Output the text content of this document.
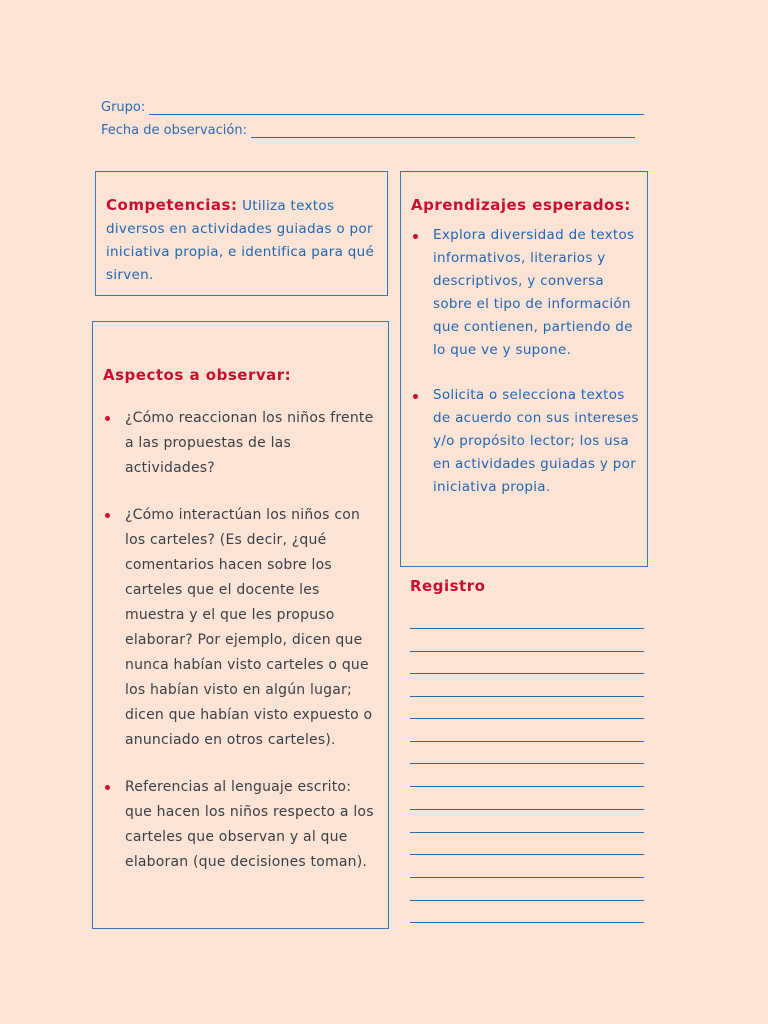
Grupo:
Fecha de observación:
Competencias: Utiliza textos diversos en actividades guiadas o por iniciativa propia, e identifica para qué sirven.
Aprendizajes esperados:
Explora diversidad de textos informativos, literarios y descriptivos, y conversa sobre el tipo de información que contienen, partiendo de lo que ve y supone.
Solicita o selecciona textos de acuerdo con sus intereses y/o propósito lector; los usa en actividades guiadas y por iniciativa propia.
Aspectos a observar:
¿Cómo reaccionan los niños frente a las propuestas de las actividades?
¿Cómo interactúan los niños con los carteles? (Es decir, ¿qué comentarios hacen sobre los carteles que el docente les muestra y el que les propuso elaborar? Por ejemplo, dicen que nunca habían visto carteles o que los habían visto en algún lugar; dicen que habían visto expuesto o anunciado en otros carteles).
Referencias al lenguaje escrito: que hacen los niños respecto a los carteles que observan y al que elaboran (que decisiones toman).
Registro
